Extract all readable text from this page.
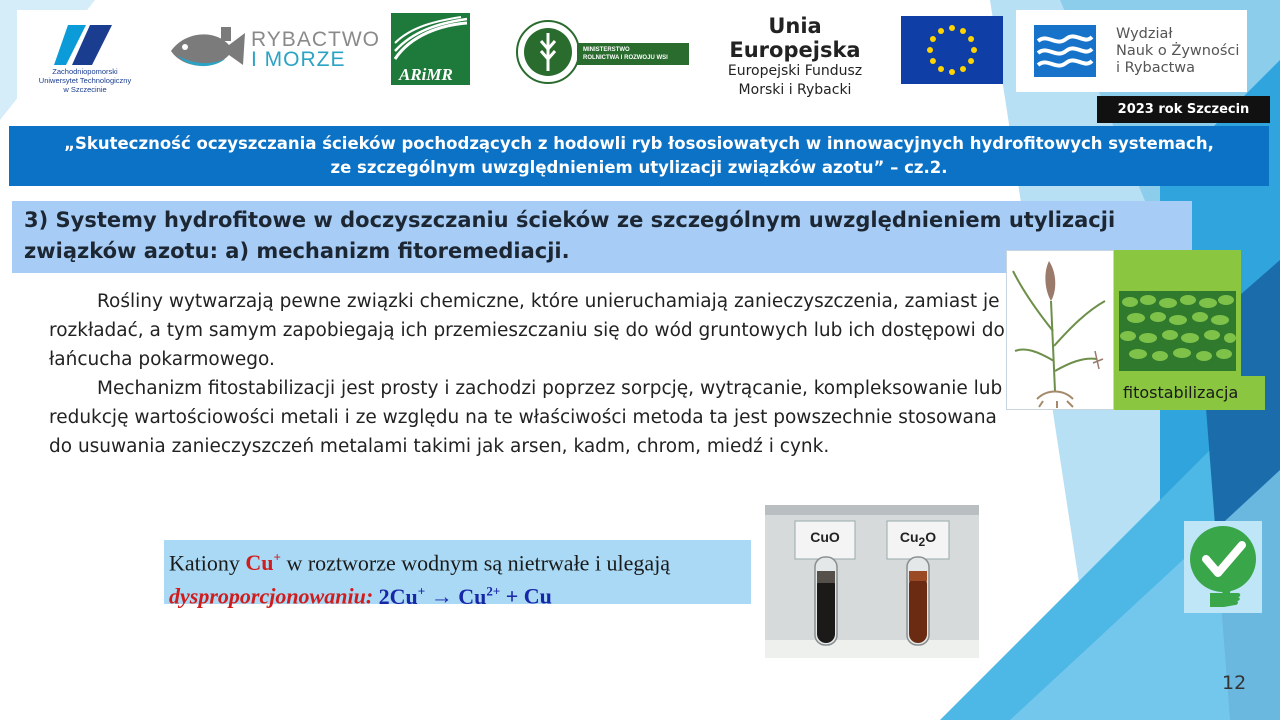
Zachodniopomorski
Uniwersytet Technologiczny
w Szczecinie
RYBACTWO
I MORZE
ARiMR
MINISTERSTWO
ROLNICTWA I ROZWOJU WSI
Unia Europejska
Europejski Fundusz
Morski i Rybacki
Wydział
Nauk o Żywności
i Rybactwa
2023 rok Szczecin
„Skuteczność oczyszczania ścieków pochodzących z hodowli ryb łososiowatych w innowacyjnych hydrofitowych systemach,
ze szczególnym uwzględnieniem utylizacji związków azotu” – cz.2.
3) Systemy hydrofitowe w doczyszczaniu ścieków ze szczególnym uwzględnieniem utylizacji
związków azotu: a) mechanizm fitoremediacji.

Rośliny wytwarzają pewne związki chemiczne, które unieruchamiają zanieczyszczenia, zamiast je rozkładać, a tym samym zapobiegają ich przemieszczaniu się do wód gruntowych lub ich dostępowi do łańcucha pokarmowego.

Mechanizm fitostabilizacji jest prosty i zachodzi poprzez sorpcję, wytrącanie, kompleksowanie lub redukcję wartościowości metali i ze względu na te właściwości metoda ta jest powszechnie stosowana do usuwania zanieczyszczeń metalami takimi jak arsen, kadm, chrom, miedź i cynk.

fitostabilizacja
Kationy Cu+ w roztworze wodnym są nietrwałe i ulegają
dysproporcjonowaniu: $2Cu^+ \to Cu^{2+} + Cu$
CuO	$Cu_2O$
12
